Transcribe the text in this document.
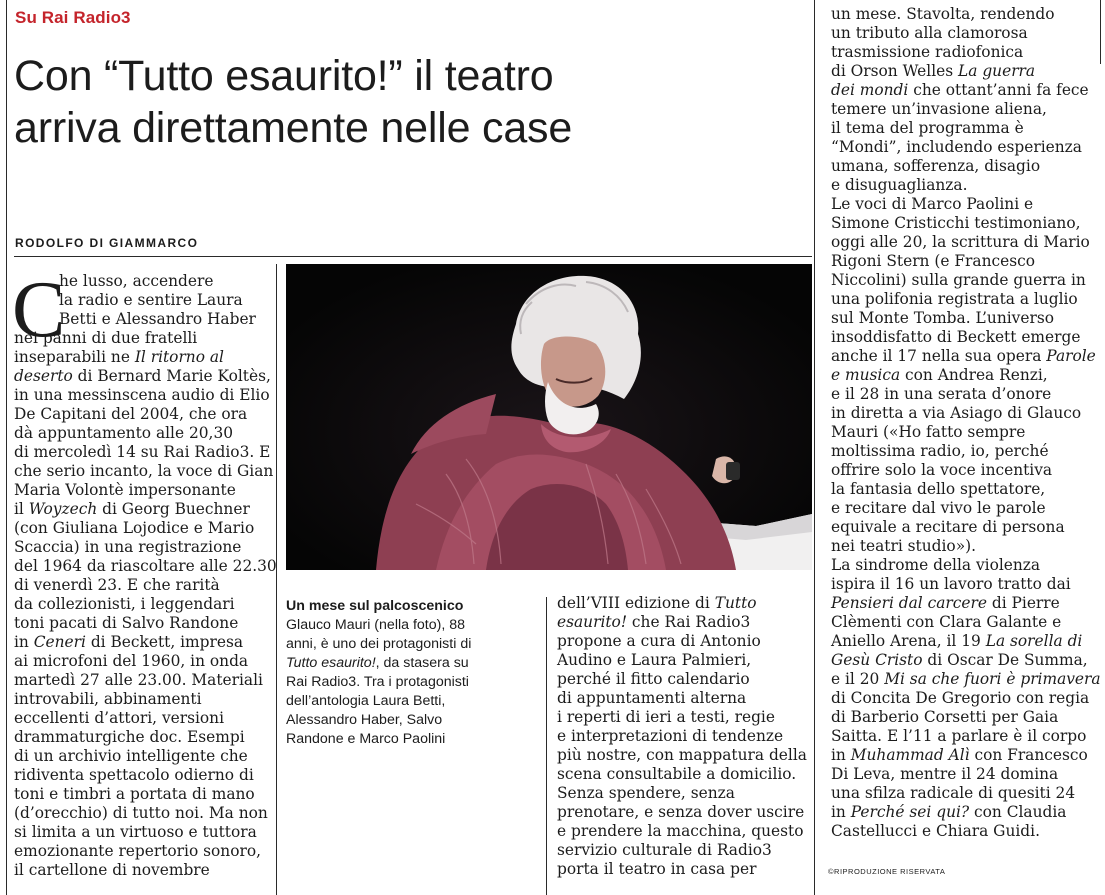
Su Rai Radio3
Con “Tutto esaurito!” il teatro
arriva direttamente nelle case
RODOLFO DI GIAMMARCO
C
he lusso, accendere
la radio e sentire Laura
Betti e Alessandro Haber
nei panni di due fratelli
inseparabili ne Il ritorno al
deserto di Bernard Marie Koltès,
in una messinscena audio di Elio
De Capitani del 2004, che ora
dà appuntamento alle 20,30
di mercoledì 14 su Rai Radio3. E
che serio incanto, la voce di Gian
Maria Volontè impersonante
il Woyzech di Georg Buechner
(con Giuliana Lojodice e Mario
Scaccia) in una registrazione
del 1964 da riascoltare alle 22.30
di venerdì 23. E che rarità
da collezionisti, i leggendari
toni pacati di Salvo Randone
in Ceneri di Beckett, impresa
ai microfoni del 1960, in onda
martedì 27 alle 23.00. Materiali
introvabili, abbinamenti
eccellenti d’attori, versioni
drammaturgiche doc. Esempi
di un archivio intelligente che
ridiventa spettacolo odierno di
toni e timbri a portata di mano
(d’orecchio) di tutto noi. Ma non
si limita a un virtuoso e tuttora
emozionante repertorio sonoro,
il cartellone di novembre
Un mese sul palcoscenico
Glauco Mauri (nella foto), 88
anni, è uno dei protagonisti di
Tutto esaurito!, da stasera su
Rai Radio3. Tra i protagonisti
dell’antologia Laura Betti,
Alessandro Haber, Salvo
Randone e Marco Paolini
dell’VIII edizione di Tutto
esaurito! che Rai Radio3
propone a cura di Antonio
Audino e Laura Palmieri,
perché il fitto calendario
di appuntamenti alterna
i reperti di ieri a testi, regie
e interpretazioni di tendenze
più nostre, con mappatura della
scena consultabile a domicilio.
Senza spendere, senza
prenotare, e senza dover uscire
e prendere la macchina, questo
servizio culturale di Radio3
porta il teatro in casa per
un mese. Stavolta, rendendo
un tributo alla clamorosa
trasmissione radiofonica
di Orson Welles La guerra
dei mondi che ottant’anni fa fece
temere un’invasione aliena,
il tema del programma è
“Mondi”, includendo esperienza
umana, sofferenza, disagio
e disuguaglianza.
Le voci di Marco Paolini e
Simone Cristicchi testimoniano,
oggi alle 20, la scrittura di Mario
Rigoni Stern (e Francesco
Niccolini) sulla grande guerra in
una polifonia registrata a luglio
sul Monte Tomba. L’universo
insoddisfatto di Beckett emerge
anche il 17 nella sua opera Parole
e musica con Andrea Renzi,
e il 28 in una serata d’onore
in diretta a via Asiago di Glauco
Mauri («Ho fatto sempre
moltissima radio, io, perché
offrire solo la voce incentiva
la fantasia dello spettatore,
e recitare dal vivo le parole
equivale a recitare di persona
nei teatri studio»).
La sindrome della violenza
ispira il 16 un lavoro tratto dai
Pensieri dal carcere di Pierre
Clèmenti con Clara Galante e
Aniello Arena, il 19 La sorella di
Gesù Cristo di Oscar De Summa,
e il 20 Mi sa che fuori è primavera
di Concita De Gregorio con regia
di Barberio Corsetti per Gaia
Saitta. E l’11 a parlare è il corpo
in Muhammad Alì con Francesco
Di Leva, mentre il 24 domina
una sfilza radicale di quesiti 24
in Perché sei qui? con Claudia
Castellucci e Chiara Guidi.
©RIPRODUZIONE RISERVATA
